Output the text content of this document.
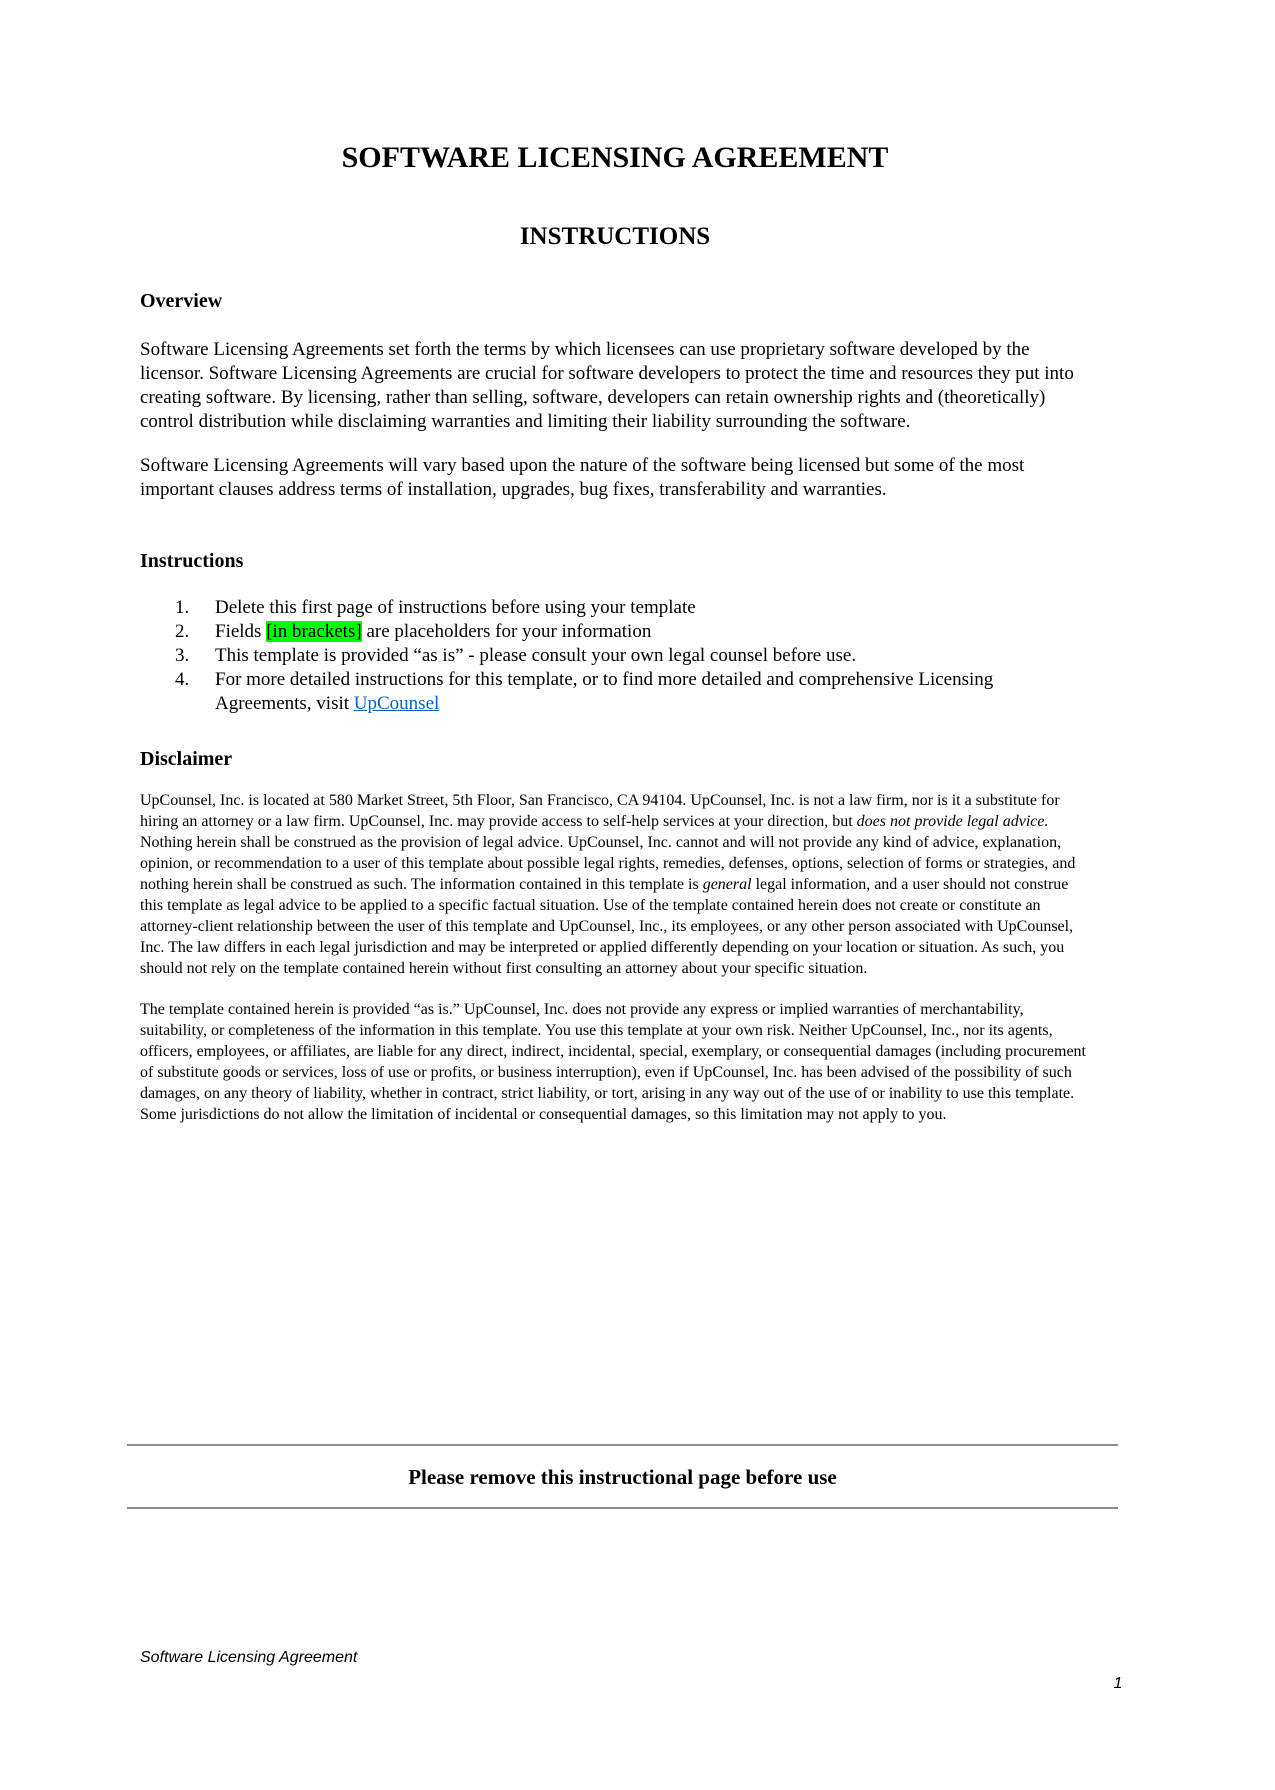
SOFTWARE LICENSING AGREEMENT
INSTRUCTIONS
Overview

Software Licensing Agreements set forth the terms by which licensees can use proprietary software developed by the licensor. Software Licensing Agreements are crucial for software developers to protect the time and resources they put into creating software. By licensing, rather than selling, software, developers can retain ownership rights and (theoretically) control distribution while disclaiming warranties and limiting their liability surrounding the software.

Software Licensing Agreements will vary based upon the nature of the software being licensed but some of the most important clauses address terms of installation, upgrades, bug fixes, transferability and warranties.

Instructions
1.	Delete this first page of instructions before using your template
2.	Fields [in brackets] are placeholders for your information
3.	This template is provided “as is” - please consult your own legal counsel before use.
4.	For more detailed instructions for this template, or to find more detailed and comprehensive Licensing Agreements, visit UpCounsel
Disclaimer

UpCounsel, Inc. is located at 580 Market Street, 5th Floor, San Francisco, CA 94104. UpCounsel, Inc. is not a law firm, nor is it a substitute for hiring an attorney or a law firm. UpCounsel, Inc. may provide access to self-help services at your direction, but does not provide legal advice. Nothing herein shall be construed as the provision of legal advice. UpCounsel, Inc. cannot and will not provide any kind of advice, explanation, opinion, or recommendation to a user of this template about possible legal rights, remedies, defenses, options, selection of forms or strategies, and nothing herein shall be construed as such. The information contained in this template is general legal information, and a user should not construe this template as legal advice to be applied to a specific factual situation. Use of the template contained herein does not create or constitute an attorney-client relationship between the user of this template and UpCounsel, Inc., its employees, or any other person associated with UpCounsel, Inc. The law differs in each legal jurisdiction and may be interpreted or applied differently depending on your location or situation. As such, you should not rely on the template contained herein without first consulting an attorney about your specific situation.

The template contained herein is provided “as is.” UpCounsel, Inc. does not provide any express or implied warranties of merchantability, suitability, or completeness of the information in this template. You use this template at your own risk. Neither UpCounsel, Inc., nor its agents, officers, employees, or affiliates, are liable for any direct, indirect, incidental, special, exemplary, or consequential damages (including procurement of substitute goods or services, loss of use or profits, or business interruption), even if UpCounsel, Inc. has been advised of the possibility of such damages, on any theory of liability, whether in contract, strict liability, or tort, arising in any way out of the use of or inability to use this template. Some jurisdictions do not allow the limitation of incidental or consequential damages, so this limitation may not apply to you.

Please remove this instructional page before use
Software Licensing Agreement
1
